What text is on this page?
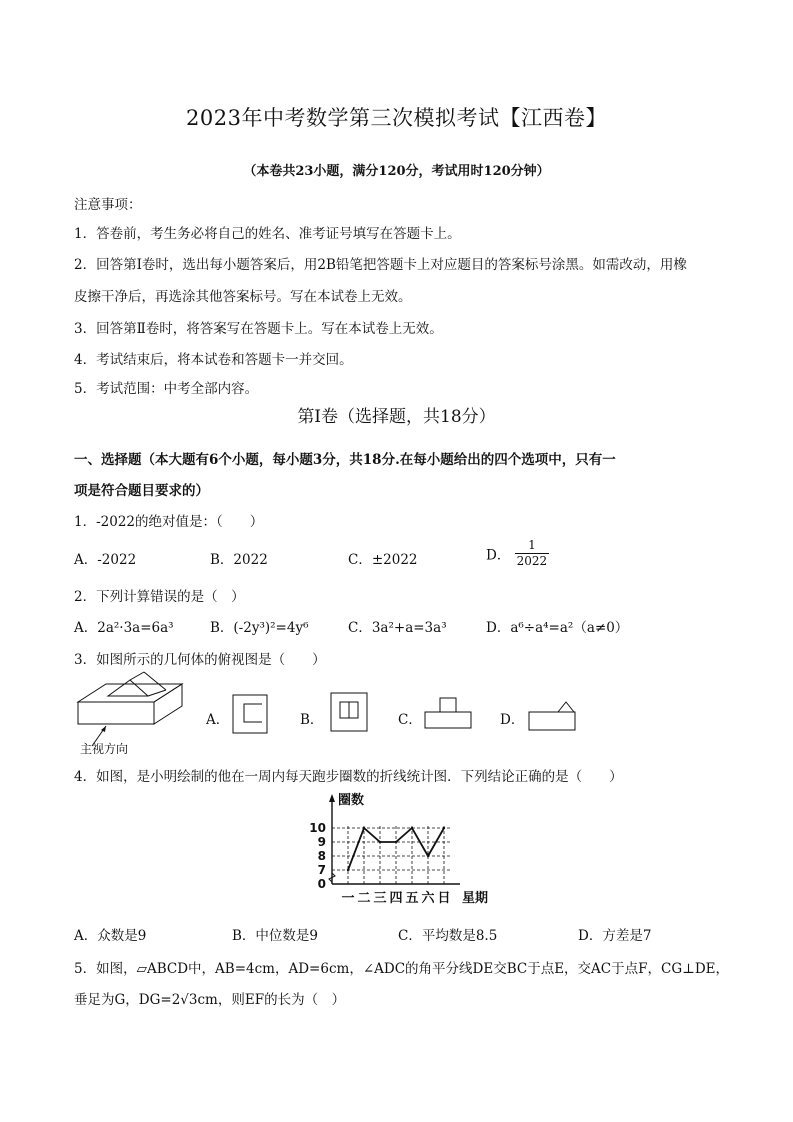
2023年中考数学第三次模拟考试【江西卷】
（本卷共23小题，满分120分，考试用时120分钟）
注意事项：
1．答卷前，考生务必将自己的姓名、准考证号填写在答题卡上。
2．回答第Ⅰ卷时，选出每小题答案后，用2B铅笔把答题卡上对应题目的答案标号涂黑。如需改动，用橡
皮擦干净后，再选涂其他答案标号。写在本试卷上无效。
3．回答第Ⅱ卷时，将答案写在答题卡上。写在本试卷上无效。
4．考试结束后，将本试卷和答题卡一并交回。
5．考试范围：中考全部内容。
第Ⅰ卷（选择题，共18分）
一、选择题（本大题有6个小题，每小题3分，共18分.在每小题给出的四个选项中，只有一
项是符合题目要求的）
1．-2022的绝对值是：（　　）
A．-2022	B．2022	C．±2022	D． $\frac{1}{2022}$
2．下列计算错误的是（　）
A．2a²·3a=6a³	B．(-2y³)²=4y⁶	C．3a²+a=3a³	D．a⁶÷a⁴=a²（a≠0）
3．如图所示的几何体的俯视图是（　　）
主视方向
A．	B．	C．	D．
4．如图，是小明绘制的他在一周内每天跑步圈数的折线统计图．下列结论正确的是（　　）
0
7
8
9
10
一 二 三 四 五 六 日
圈数
星期
A．众数是9	B．中位数是9	C．平均数是8.5	D．方差是7
5．如图，▱ABCD中，AB=4cm，AD=6cm，∠ADC的角平分线DE交BC于点E，交AC于点F，CG⊥DE，
垂足为G，DG=2√3cm，则EF的长为（　）
